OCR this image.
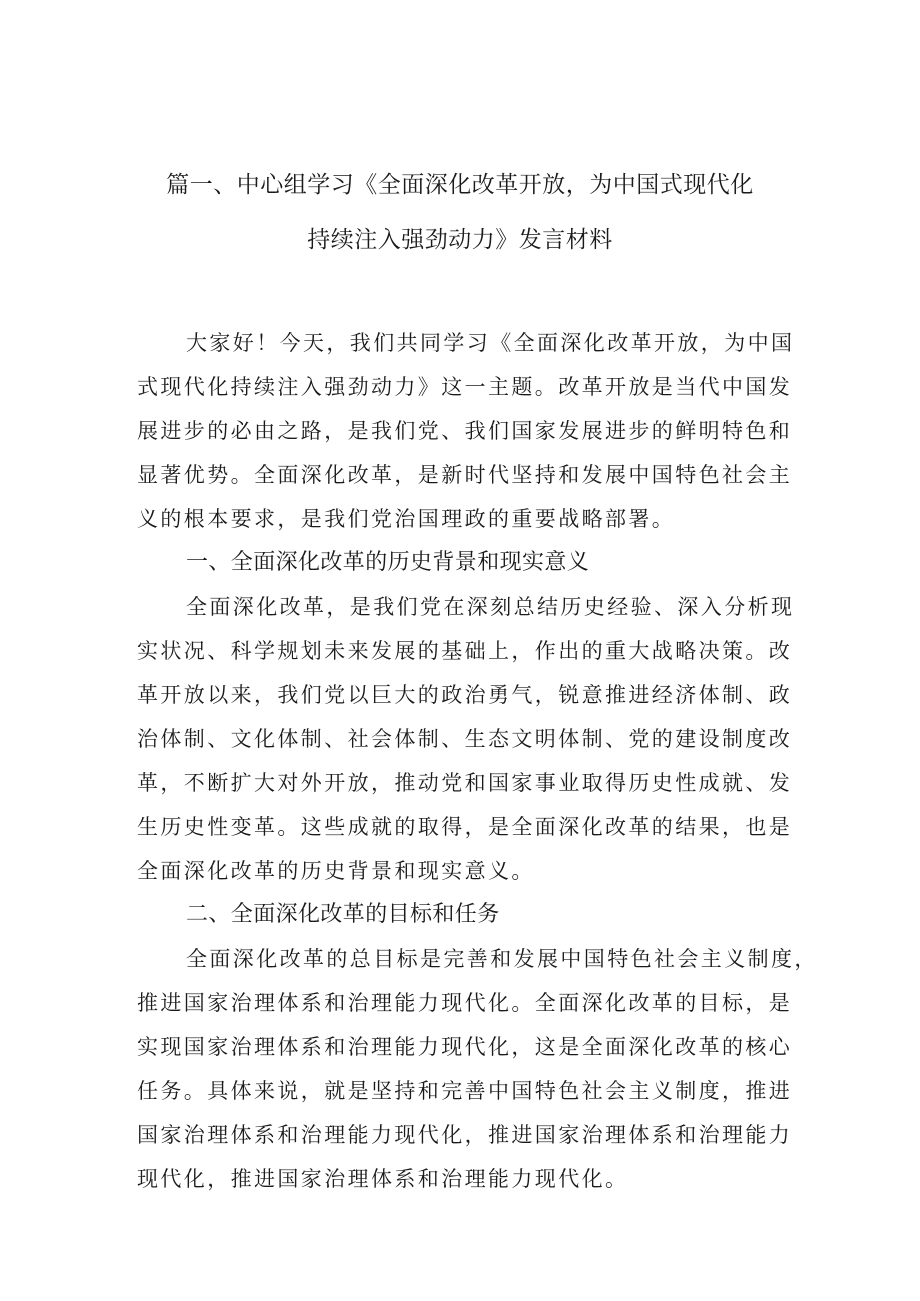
篇一、中心组学习《全面深化改革开放，为中国式现代化
持续注入强劲动力》发言材料
大家好！今天，我们共同学习《全面深化改革开放，为中国
式现代化持续注入强劲动力》这一主题。改革开放是当代中国发
展进步的必由之路，是我们党、我们国家发展进步的鲜明特色和
显著优势。全面深化改革，是新时代坚持和发展中国特色社会主
义的根本要求，是我们党治国理政的重要战略部署。
一、全面深化改革的历史背景和现实意义
全面深化改革，是我们党在深刻总结历史经验、深入分析现
实状况、科学规划未来发展的基础上，作出的重大战略决策。改
革开放以来，我们党以巨大的政治勇气，锐意推进经济体制、政
治体制、文化体制、社会体制、生态文明体制、党的建设制度改
革，不断扩大对外开放，推动党和国家事业取得历史性成就、发
生历史性变革。这些成就的取得，是全面深化改革的结果，也是
全面深化改革的历史背景和现实意义。
二、全面深化改革的目标和任务
全面深化改革的总目标是完善和发展中国特色社会主义制度，
推进国家治理体系和治理能力现代化。全面深化改革的目标，是
实现国家治理体系和治理能力现代化，这是全面深化改革的核心
任务。具体来说，就是坚持和完善中国特色社会主义制度，推进
国家治理体系和治理能力现代化，推进国家治理体系和治理能力
现代化，推进国家治理体系和治理能力现代化。
